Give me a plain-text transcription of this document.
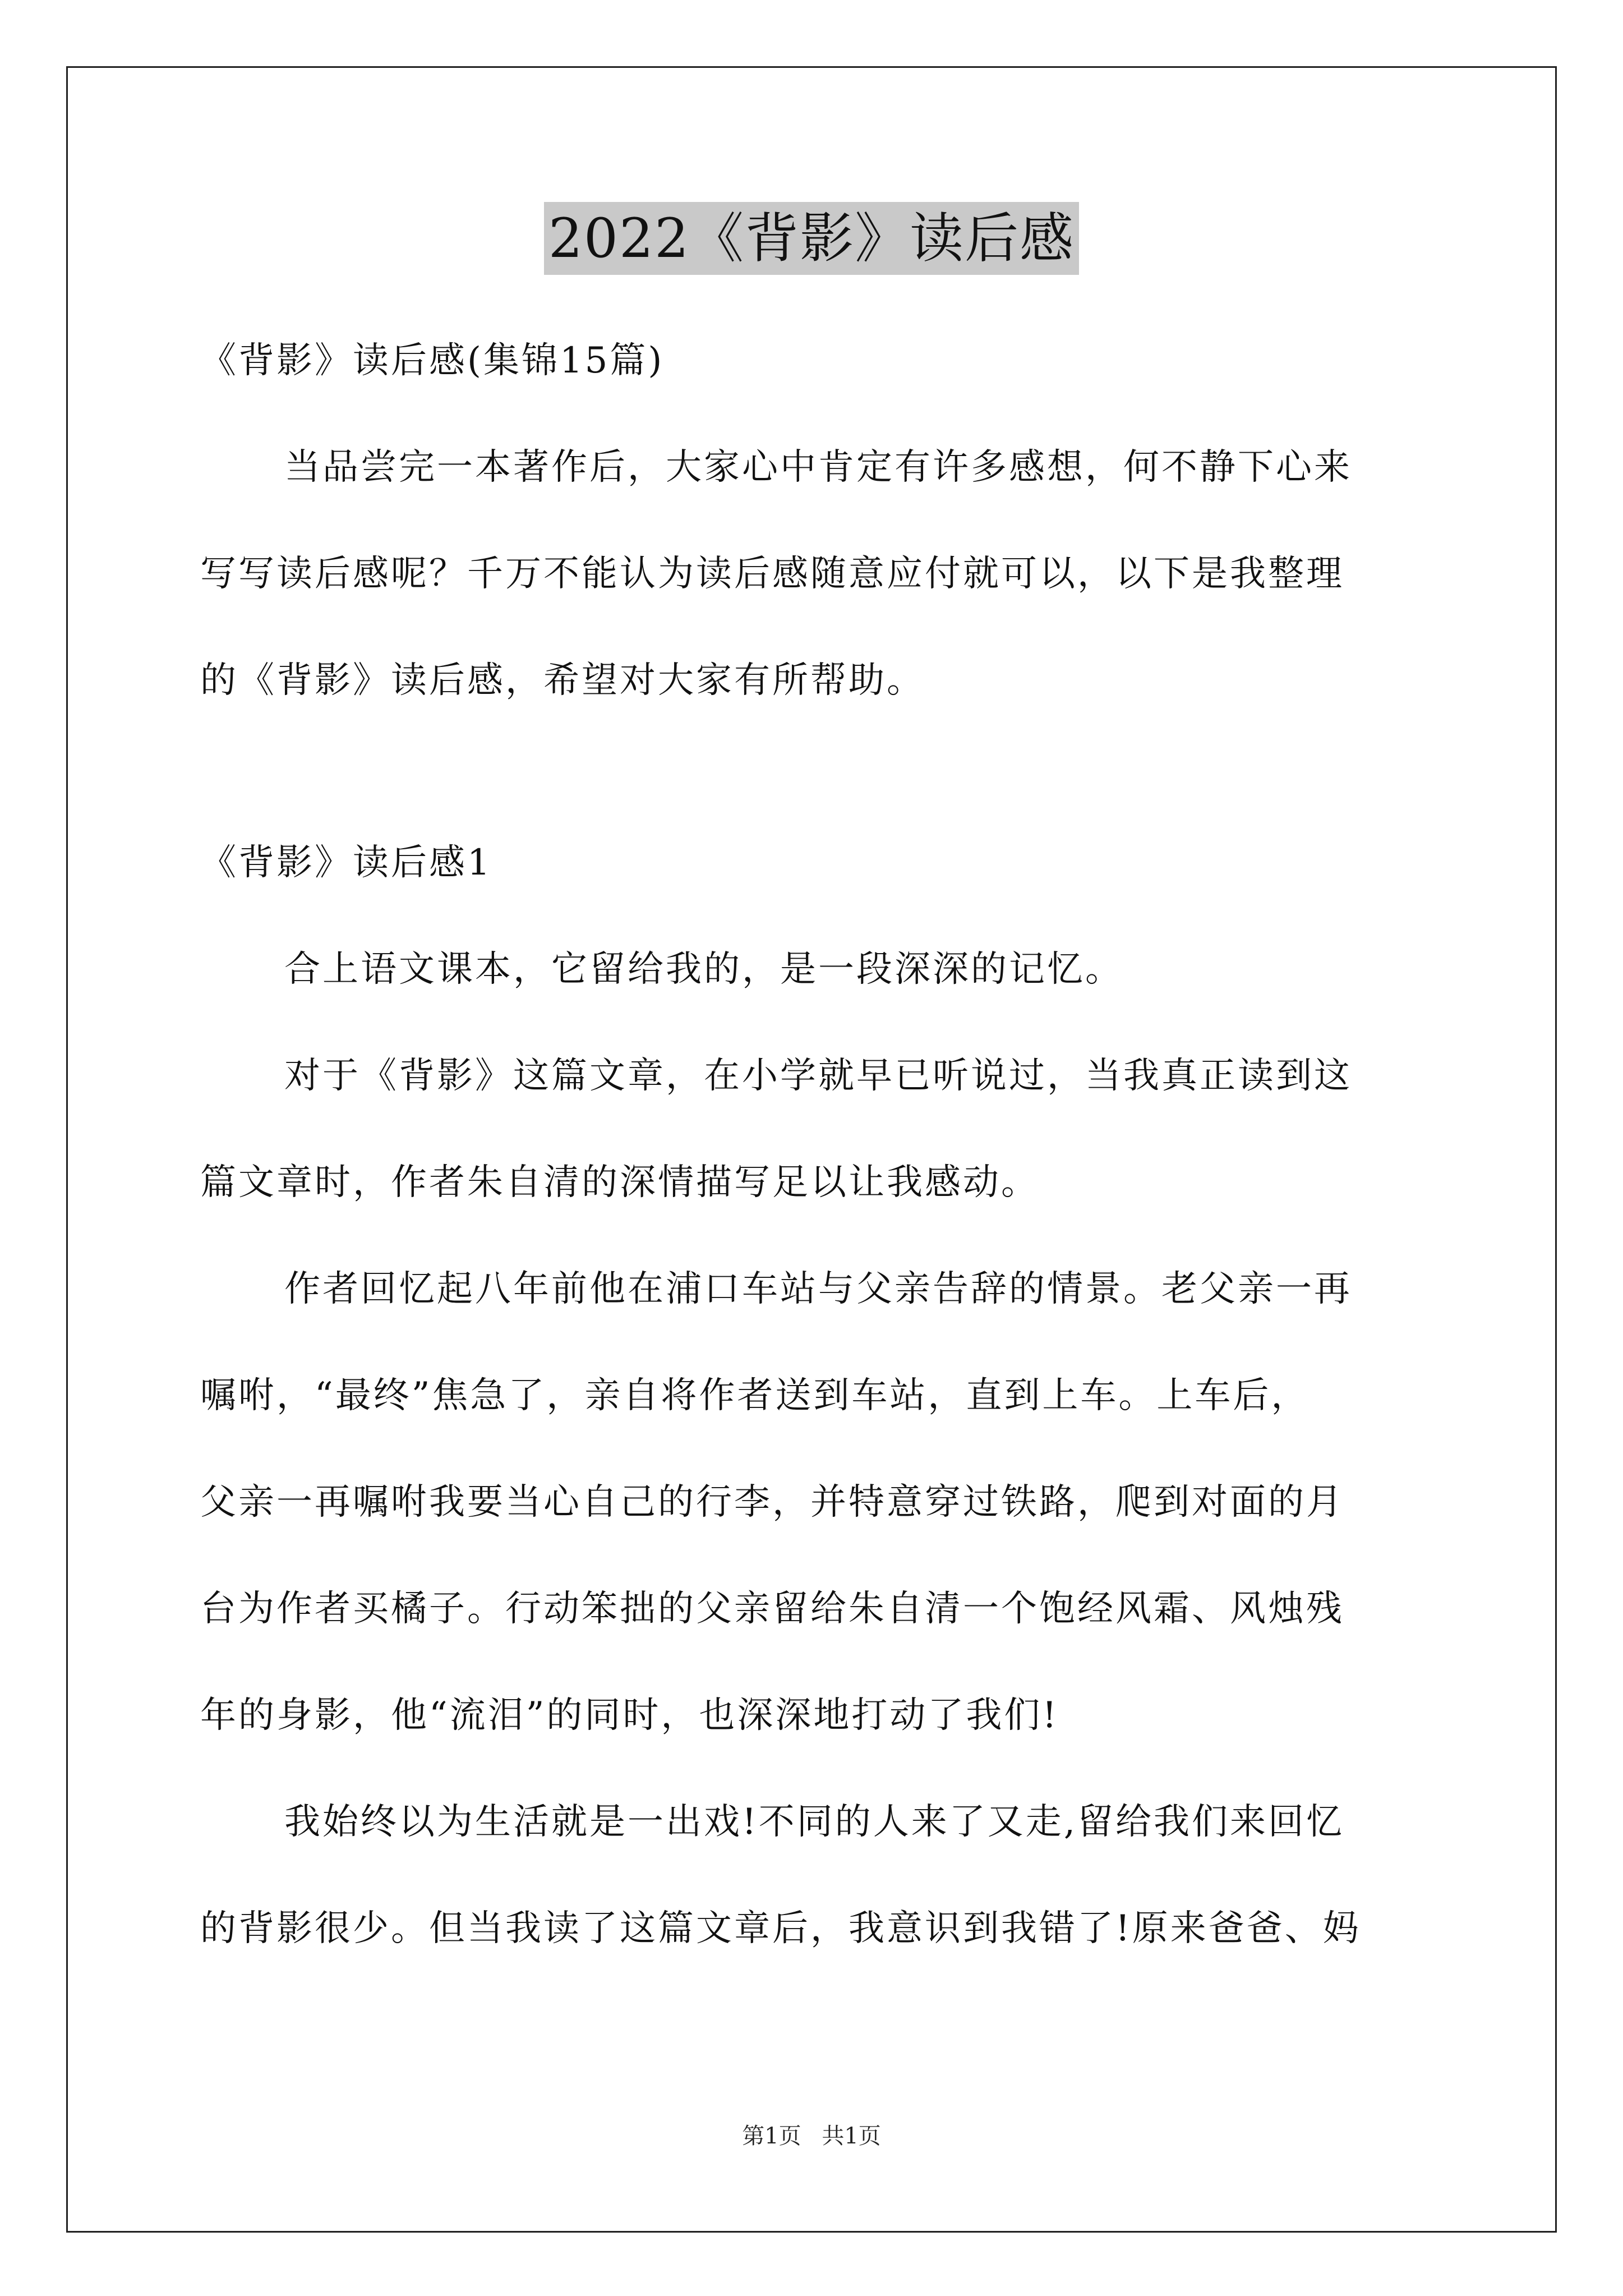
2022《背影》读后感
《背影》读后感(集锦15篇)
当品尝完一本著作后，大家心中肯定有许多感想，何不静下心来
写写读后感呢？千万不能认为读后感随意应付就可以，以下是我整理
的《背影》读后感，希望对大家有所帮助。
《背影》读后感1
合上语文课本，它留给我的，是一段深深的记忆。
对于《背影》这篇文章，在小学就早已听说过，当我真正读到这
篇文章时，作者朱自清的深情描写足以让我感动。
作者回忆起八年前他在浦口车站与父亲告辞的情景。老父亲一再
嘱咐，“最终”焦急了，亲自将作者送到车站，直到上车。上车后，
父亲一再嘱咐我要当心自己的行李，并特意穿过铁路，爬到对面的月
台为作者买橘子。行动笨拙的父亲留给朱自清一个饱经风霜、风烛残
年的身影，他“流泪”的同时，也深深地打动了我们!
我始终以为生活就是一出戏!不同的人来了又走,留给我们来回忆
的背影很少。但当我读了这篇文章后，我意识到我错了!原来爸爸、妈
第1页 共1页
